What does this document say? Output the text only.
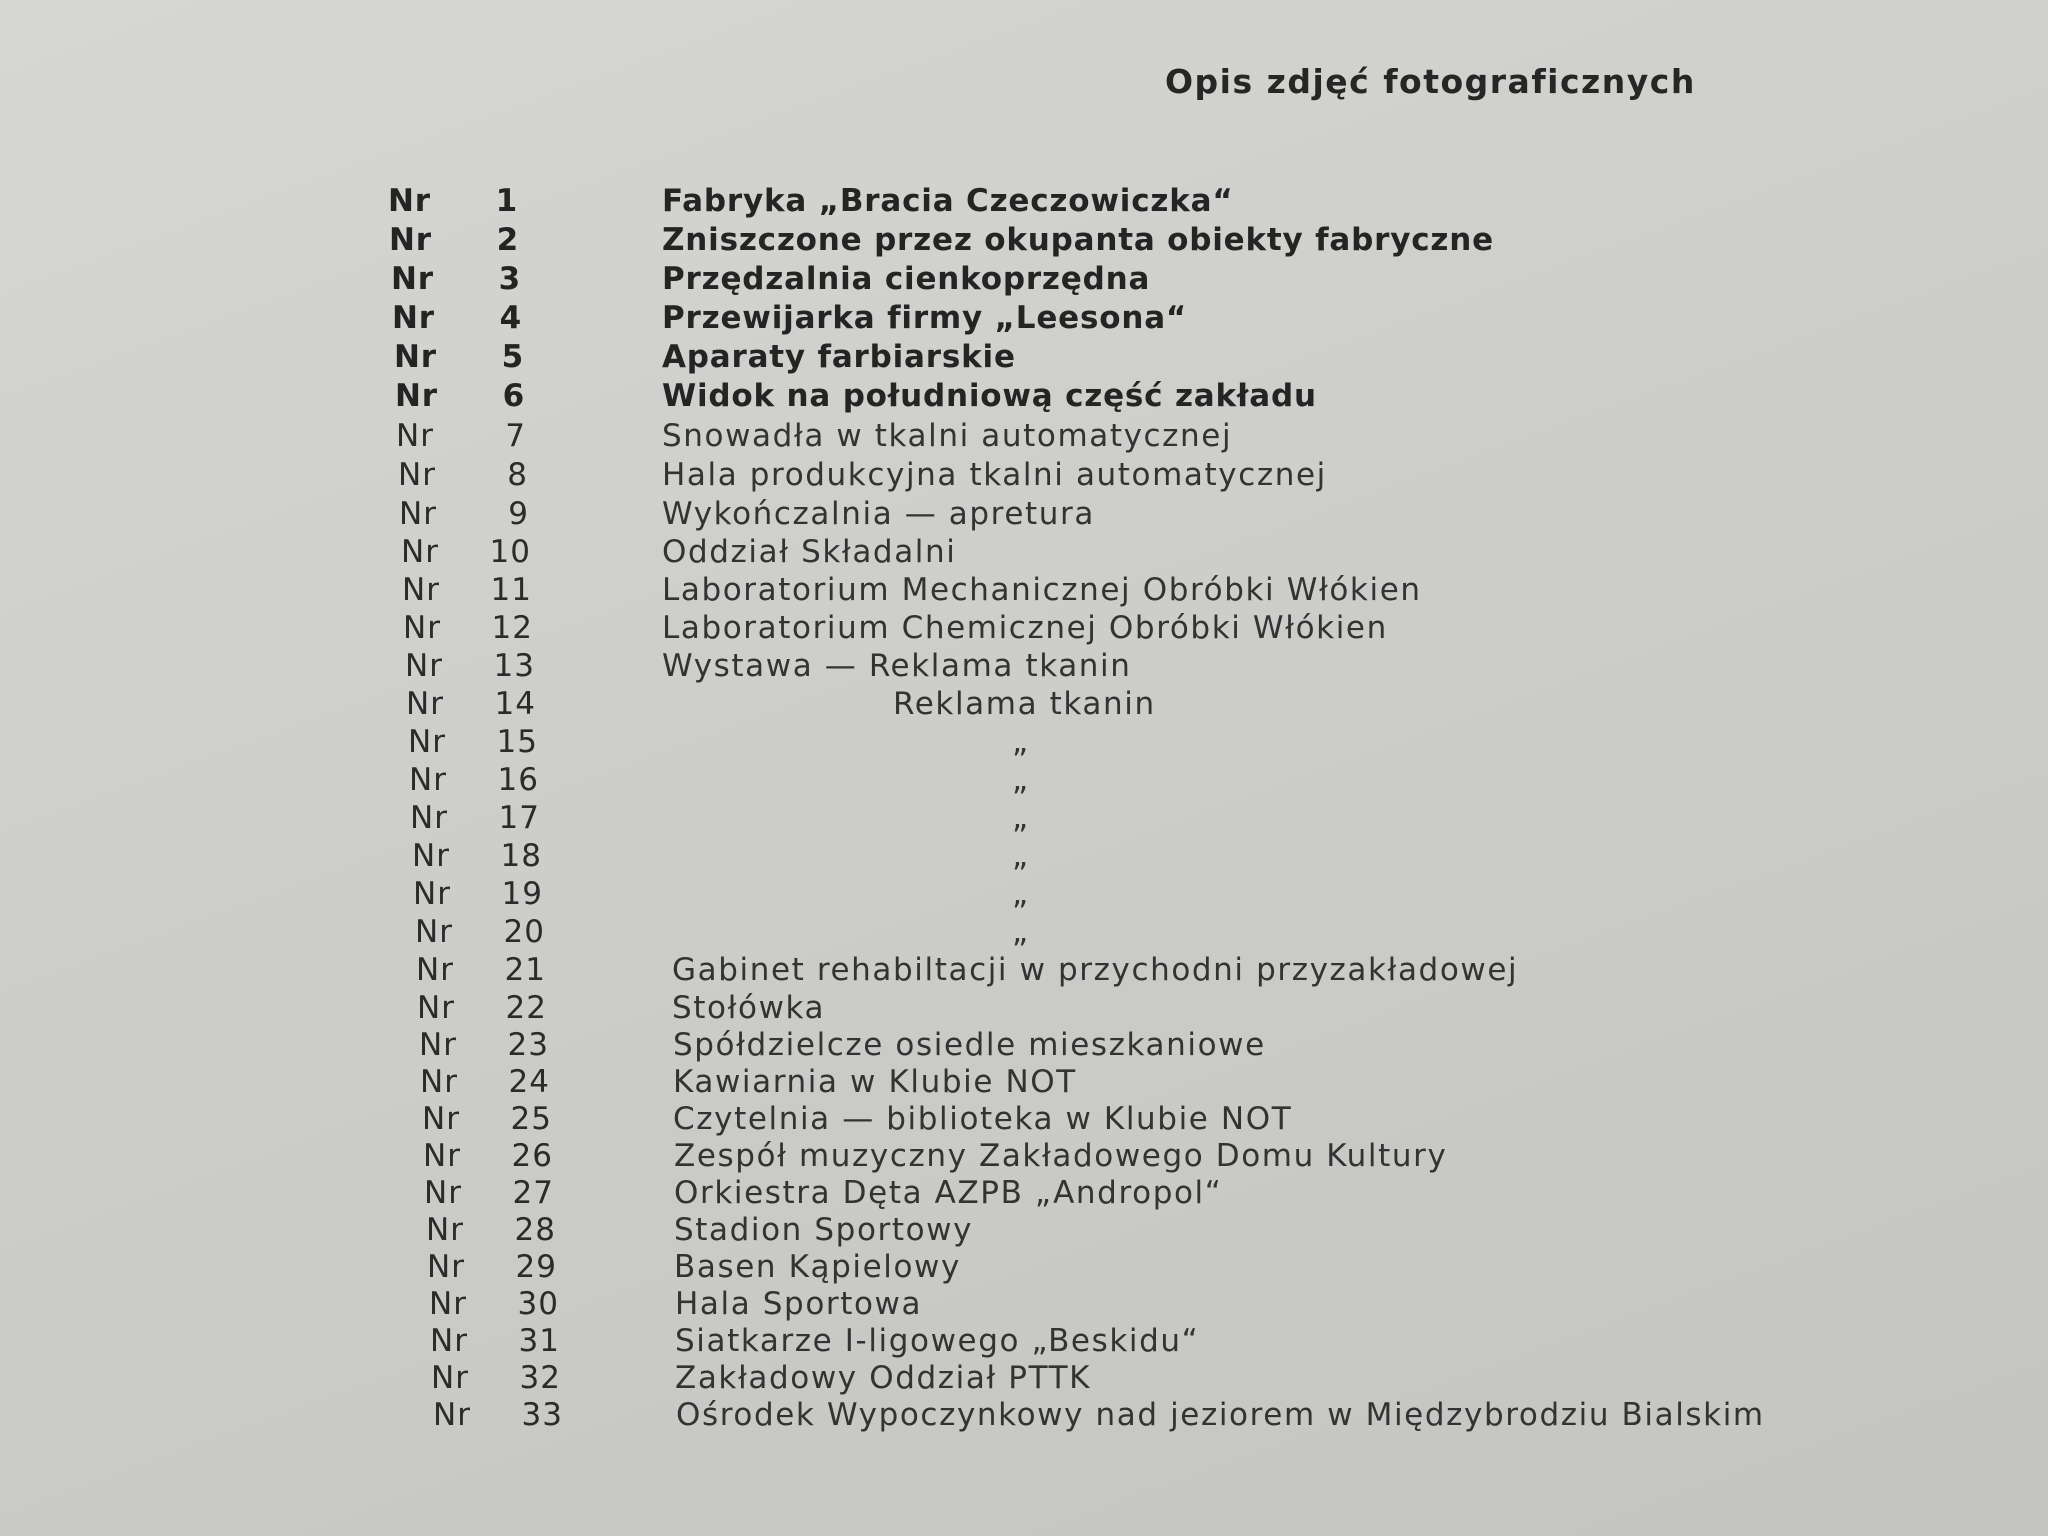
Opis zdjęć fotograficznych
Nr 1	Fabryka „Bracia Czeczowiczka“
Nr 2	Zniszczone przez okupanta obiekty fabryczne
Nr 3	Przędzalnia cienkoprzędna
Nr 4	Przewijarka firmy „Leesona“
Nr 5	Aparaty farbiarskie
Nr 6	Widok na południową część zakładu
Nr 7	Snowadła w tkalni automatycznej
Nr 8	Hala produkcyjna tkalni automatycznej
Nr 9	Wykończalnia — apretura
Nr 10	Oddział Składalni
Nr 11	Laboratorium Mechanicznej Obróbki Włókien
Nr 12	Laboratorium Chemicznej Obróbki Włókien
Nr 13	Wystawa — Reklama tkanin
Nr 14	Reklama tkanin
Nr 15	„
Nr 16	„
Nr 17	„
Nr 18	„
Nr 19	„
Nr 20	„
Nr 21	Gabinet rehabiltacji w przychodni przyzakładowej
Nr 22	Stołówka
Nr 23	Spółdzielcze osiedle mieszkaniowe
Nr 24	Kawiarnia w Klubie NOT
Nr 25	Czytelnia — biblioteka w Klubie NOT
Nr 26	Zespół muzyczny Zakładowego Domu Kultury
Nr 27	Orkiestra Dęta AZPB „Andropol“
Nr 28	Stadion Sportowy
Nr 29	Basen Kąpielowy
Nr 30	Hala Sportowa
Nr 31	Siatkarze I-ligowego „Beskidu“
Nr 32	Zakładowy Oddział PTTK
Nr 33	Ośrodek Wypoczynkowy nad jeziorem w Międzybrodziu Bialskim
